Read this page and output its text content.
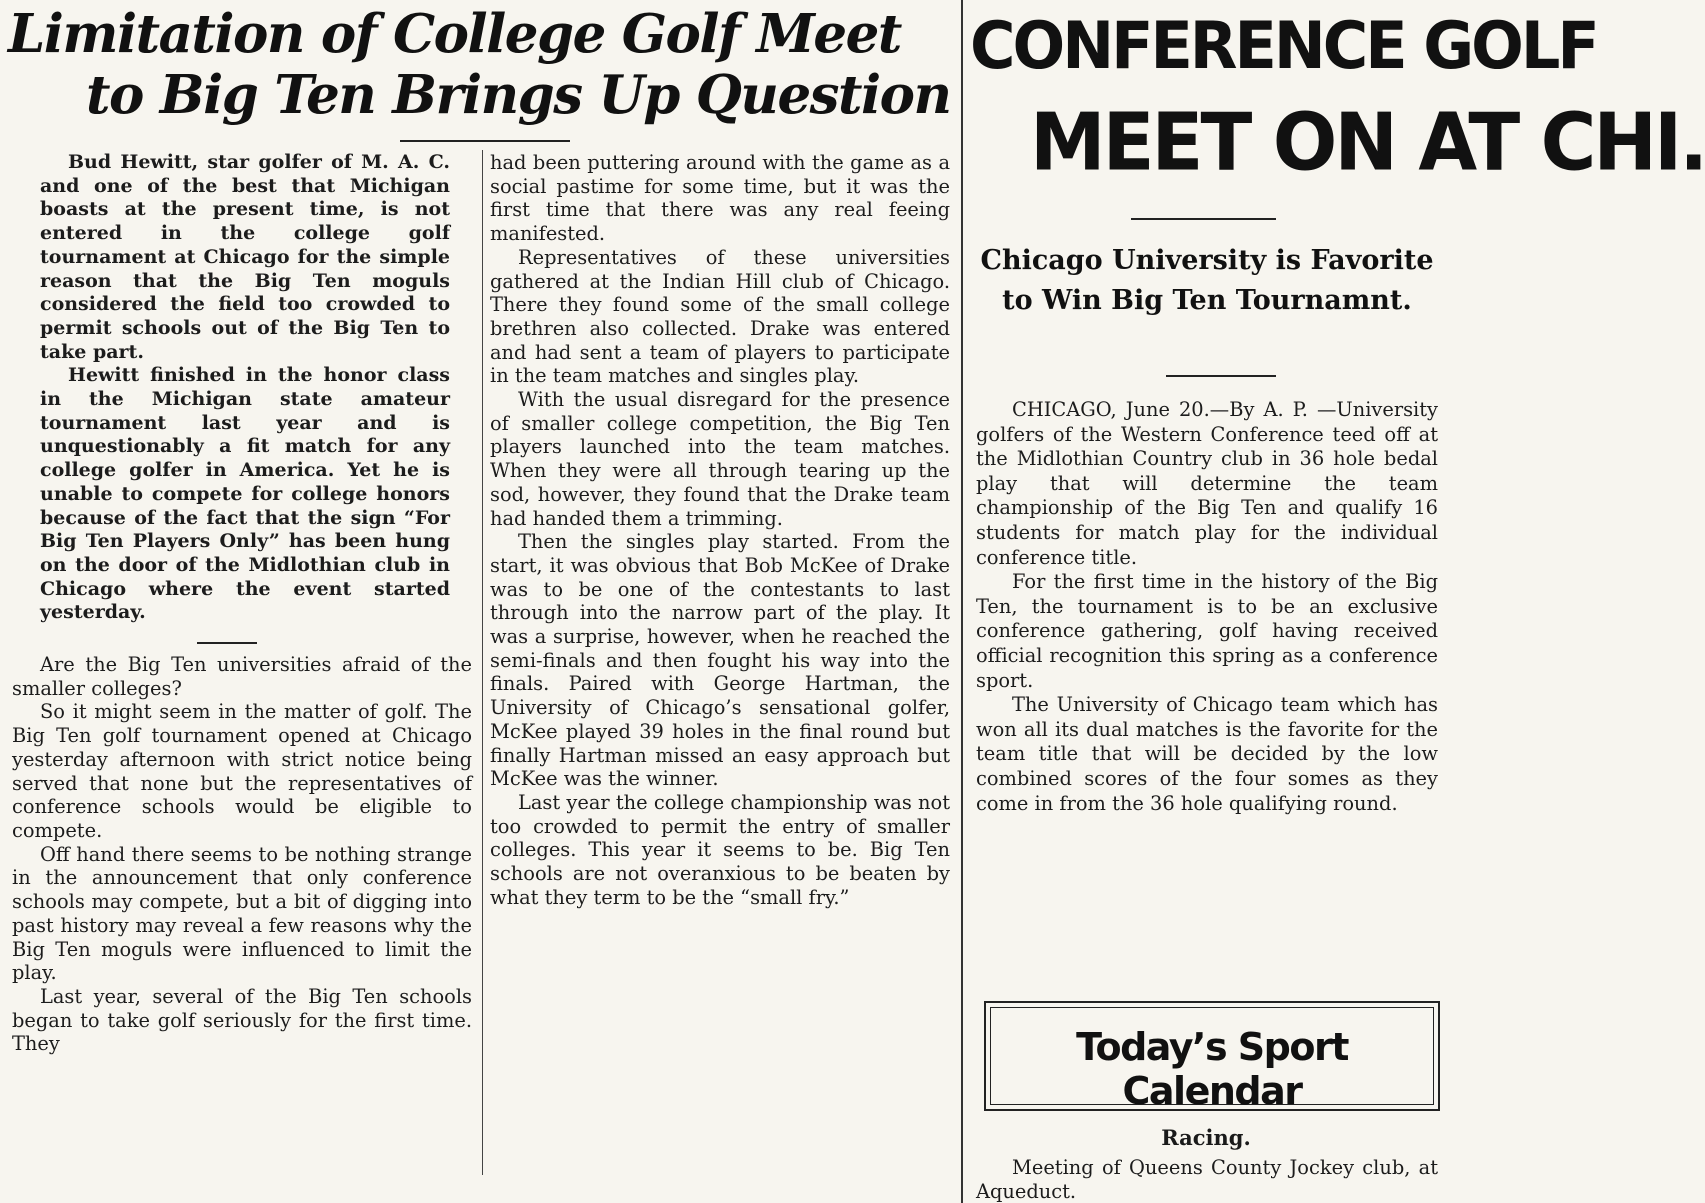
Limitation of College Golf Meet
to Big Ten Brings Up Question

Bud Hewitt, star golfer of M. A. C. and one of the best that Michigan boasts at the present time, is not entered in the college golf tournament at Chicago for the simple reason that the Big Ten moguls considered the field too crowded to permit schools out of the Big Ten to take part.

Hewitt finished in the honor class in the Michigan state amateur tournament last year and is unquestionably a fit match for any college golfer in America. Yet he is unable to compete for college honors because of the fact that the sign “For Big Ten Players Only” has been hung on the door of the Midlothian club in Chicago where the event started yesterday.

Are the Big Ten universities afraid of the smaller colleges?

So it might seem in the matter of golf. The Big Ten golf tournament opened at Chicago yesterday afternoon with strict notice being served that none but the representatives of conference schools would be eligible to compete.

Off hand there seems to be nothing strange in the announcement that only conference schools may compete, but a bit of digging into past history may reveal a few reasons why the Big Ten moguls were influenced to limit the play.

Last year, several of the Big Ten schools began to take golf seriously for the first time. They

had been puttering around with the game as a social pastime for some time, but it was the first time that there was any real feeing manifested.

Representatives of these universities gathered at the Indian Hill club of Chicago. There they found some of the small college brethren also collected. Drake was entered and had sent a team of players to participate in the team matches and singles play.

With the usual disregard for the presence of smaller college competition, the Big Ten players launched into the team matches. When they were all through tearing up the sod, however, they found that the Drake team had handed them a trimming.

Then the singles play started. From the start, it was obvious that Bob McKee of Drake was to be one of the contestants to last through into the narrow part of the play. It was a surprise, however, when he reached the semi-finals and then fought his way into the finals. Paired with George Hartman, the University of Chicago’s sensational golfer, McKee played 39 holes in the final round but finally Hartman missed an easy approach but McKee was the winner.

Last year the college championship was not too crowded to permit the entry of smaller colleges. This year it seems to be. Big Ten schools are not overanxious to be beaten by what they term to be the “small fry.”

CONFERENCE GOLF
MEET ON AT CHI.

Chicago University is Favorite to Win Big Ten Tournamnt.

CHICAGO, June 20.—By A. P. —University golfers of the Western Conference teed off at the Midlothian Country club in 36 hole bedal play that will determine the team championship of the Big Ten and qualify 16 students for match play for the individual conference title.

For the first time in the history of the Big Ten, the tournament is to be an exclusive conference gathering, golf having received official recognition this spring as a conference sport.

The University of Chicago team which has won all its dual matches is the favorite for the team title that will be decided by the low combined scores of the four somes as they come in from the 36 hole qualifying round.

Today’s Sport Calendar

Racing.

Meeting of Queens County Jockey club, at Aqueduct.
